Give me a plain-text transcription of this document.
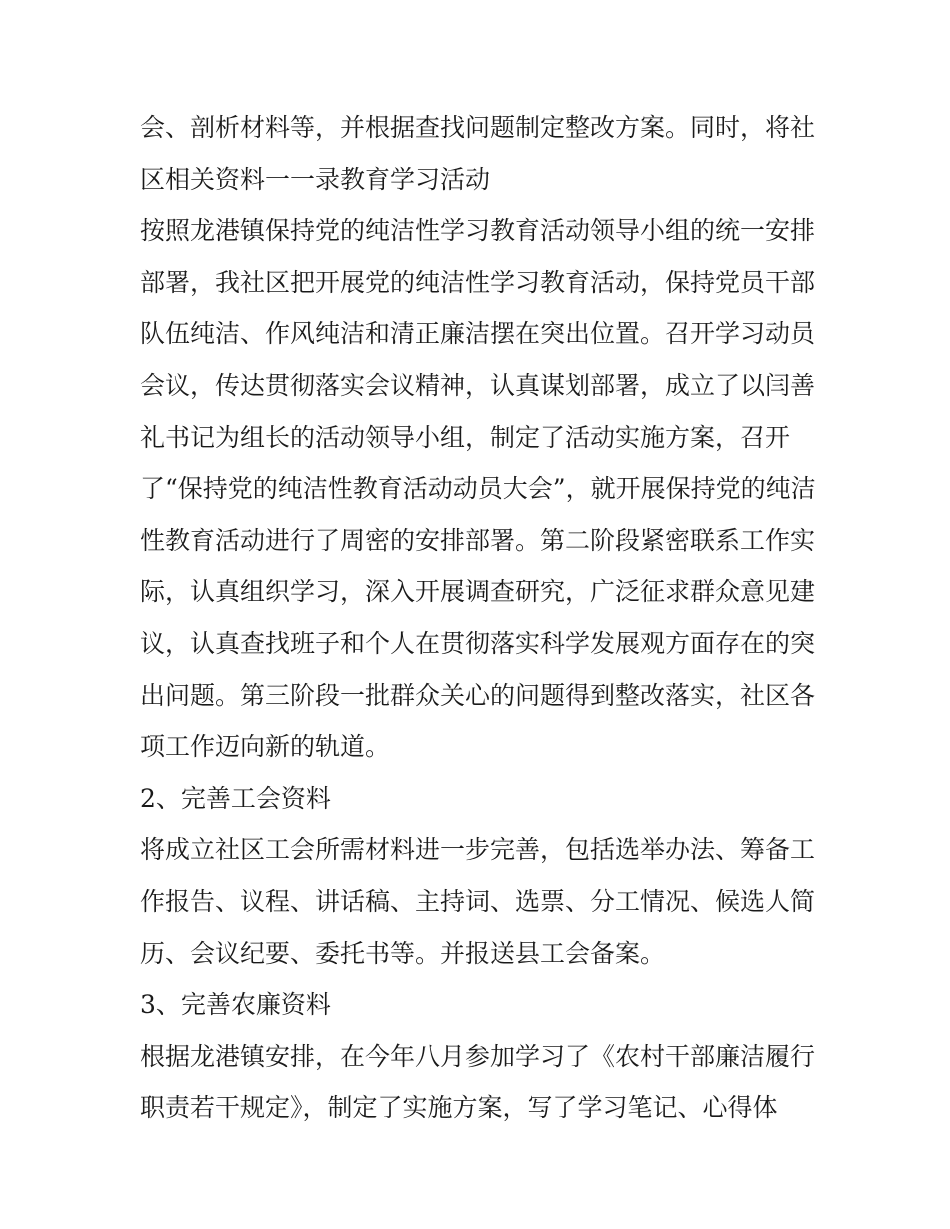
会、剖析材料等，并根据查找问题制定整改方案。同时，将社
区相关资料一一录教育学习活动
按照龙港镇保持党的纯洁性学习教育活动领导小组的统一安排
部署，我社区把开展党的纯洁性学习教育活动，保持党员干部
队伍纯洁、作风纯洁和清正廉洁摆在突出位置。召开学习动员
会议，传达贯彻落实会议精神，认真谋划部署，成立了以闫善
礼书记为组长的活动领导小组，制定了活动实施方案，召开
了“保持党的纯洁性教育活动动员大会”，就开展保持党的纯洁
性教育活动进行了周密的安排部署。第二阶段紧密联系工作实
际，认真组织学习，深入开展调查研究，广泛征求群众意见建
议，认真查找班子和个人在贯彻落实科学发展观方面存在的突
出问题。第三阶段一批群众关心的问题得到整改落实，社区各
项工作迈向新的轨道。
2、完善工会资料
将成立社区工会所需材料进一步完善，包括选举办法、筹备工
作报告、议程、讲话稿、主持词、选票、分工情况、候选人简
历、会议纪要、委托书等。并报送县工会备案。
3、完善农廉资料
根据龙港镇安排，在今年八月参加学习了《农村干部廉洁履行
职责若干规定》，制定了实施方案，写了学习笔记、心得体
